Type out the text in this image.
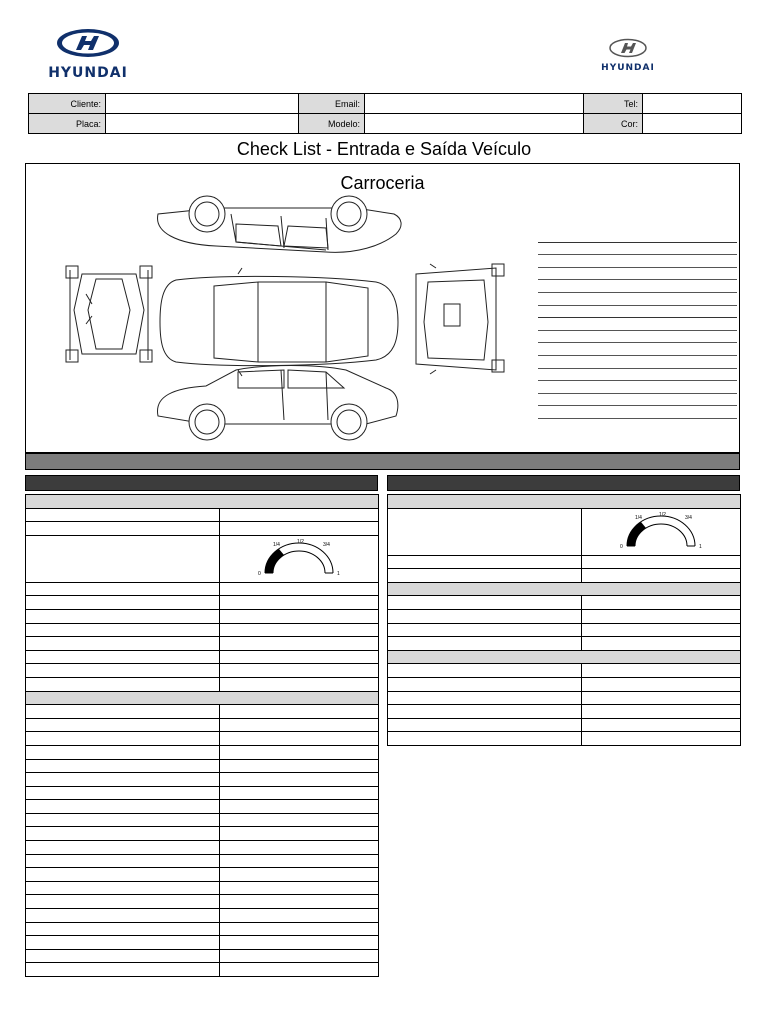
HYUNDAI	HYUNDAI
Cliente:		Email:		Tel:	
Placa:		Modelo:		Cor:	
Check List - Entrada e Saída Veículo
Carroceria

0
1/4 1/2 3/4
1

0
1/4 1/2 3/4
1
